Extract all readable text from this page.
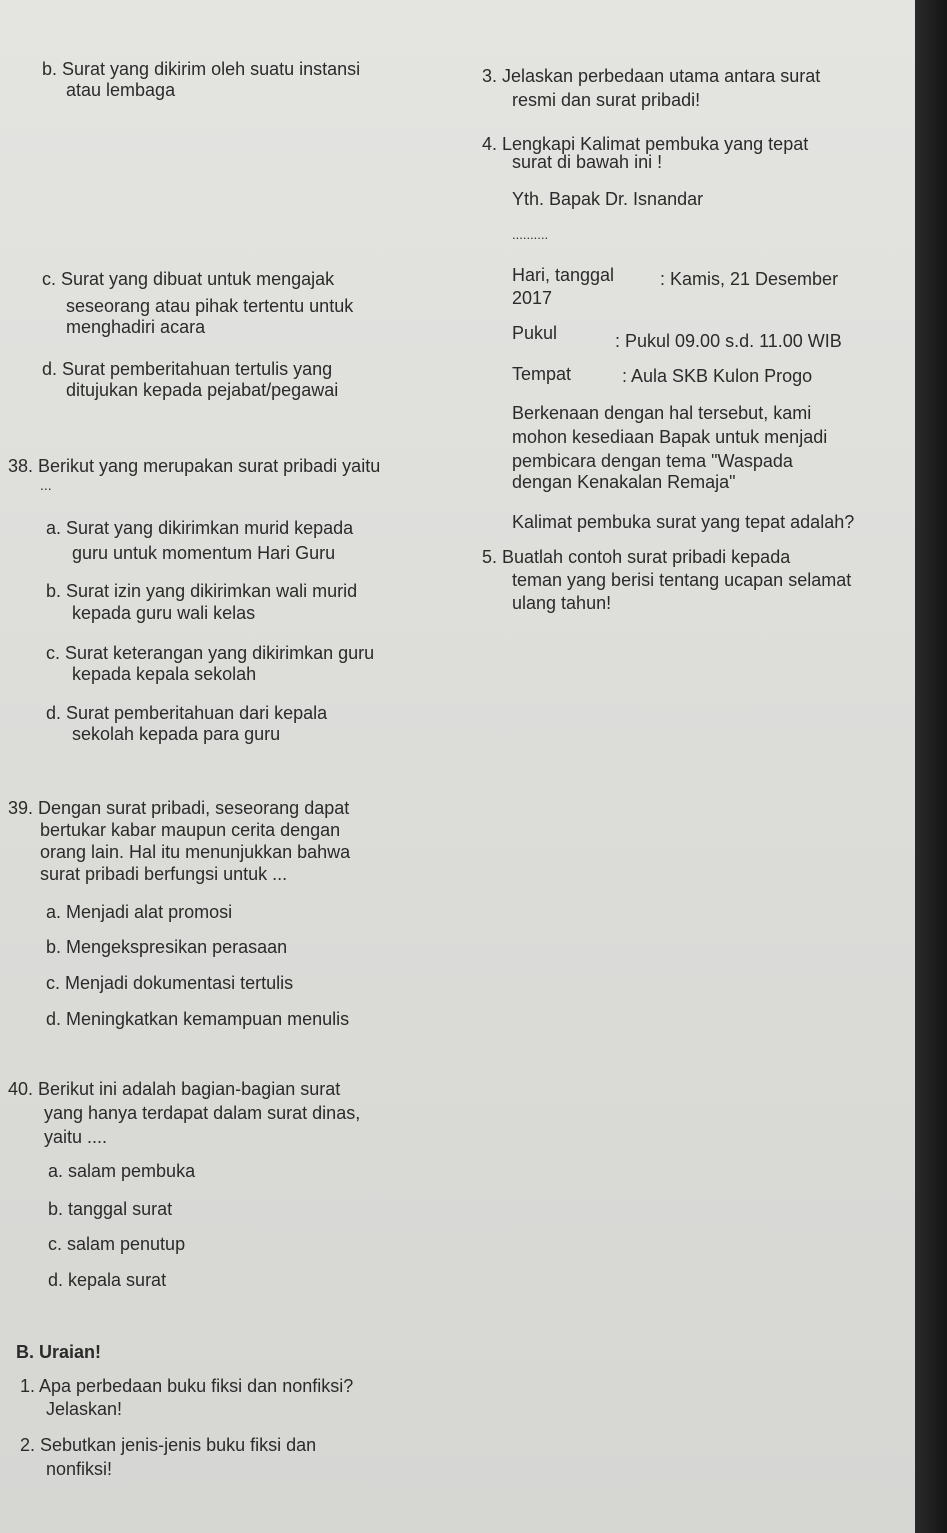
b. Surat yang dikirim oleh suatu instansi
atau lembaga
c. Surat yang dibuat untuk mengajak
seseorang atau pihak tertentu untuk
menghadiri acara
d. Surat pemberitahuan tertulis yang
ditujukan kepada pejabat/pegawai
38. Berikut yang merupakan surat pribadi yaitu
...
a. Surat yang dikirimkan murid kepada
guru untuk momentum Hari Guru
b. Surat izin yang dikirimkan wali murid
kepada guru wali kelas
c. Surat keterangan yang dikirimkan guru
kepada kepala sekolah
d. Surat pemberitahuan dari kepala
sekolah kepada para guru
39. Dengan surat pribadi, seseorang dapat
bertukar kabar maupun cerita dengan
orang lain. Hal itu menunjukkan bahwa
surat pribadi berfungsi untuk ...
a. Menjadi alat promosi
b. Mengekspresikan perasaan
c. Menjadi dokumentasi tertulis
d. Meningkatkan kemampuan menulis
40. Berikut ini adalah bagian-bagian surat
yang hanya terdapat dalam surat dinas,
yaitu ....
a. salam pembuka
b. tanggal surat
c. salam penutup
d. kepala surat
B. Uraian!
1. Apa perbedaan buku fiksi dan nonfiksi?
Jelaskan!
2. Sebutkan jenis-jenis buku fiksi dan
nonfiksi!
3. Jelaskan perbedaan utama antara surat
resmi dan surat pribadi!
4. Lengkapi Kalimat pembuka yang tepat
surat di bawah ini !
Yth. Bapak Dr. Isnandar
..........
Hari, tanggal	: Kamis, 21 Desember
2017
Pukul	: Pukul 09.00 s.d. 11.00 WIB
Tempat	: Aula SKB Kulon Progo
Berkenaan dengan hal tersebut, kami
mohon kesediaan Bapak untuk menjadi
pembicara dengan tema "Waspada
dengan Kenakalan Remaja"
Kalimat pembuka surat yang tepat adalah?
5. Buatlah contoh surat pribadi kepada
teman yang berisi tentang ucapan selamat
ulang tahun!
